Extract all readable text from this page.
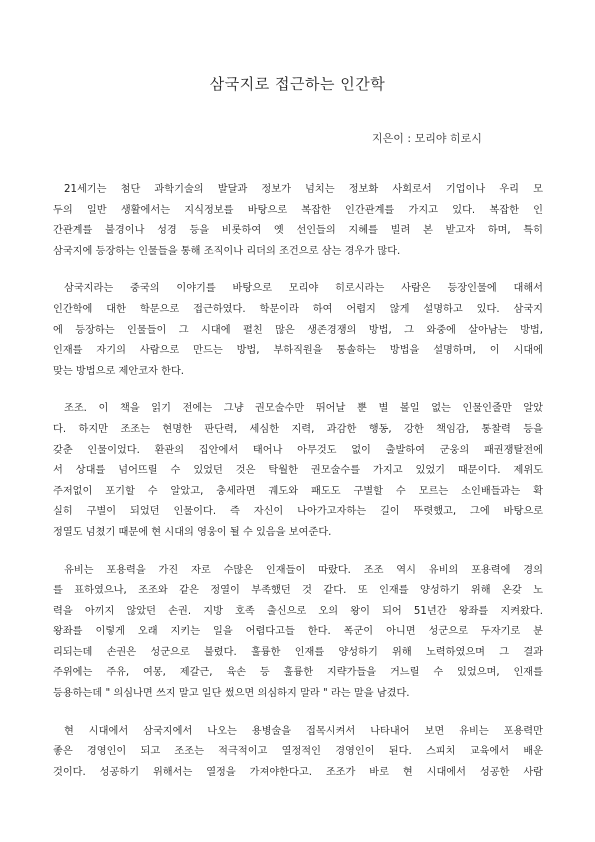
삼국지로 접근하는 인간학
지은이 : 모리야 히로시
21세기는 첨단 과학기술의 발달과 정보가 넘치는 정보화 사회로서 기업이나 우리 모
두의 일반 생활에서는 지식정보를 바탕으로 복잡한 인간관계를 가지고 있다. 복잡한 인
간관계를 불경이나 성경 등을 비롯하여 옛 선인들의 지혜를 빌려 본 받고자 하며, 특히
삼국지에 등장하는 인물들을 통해 조직이나 리더의 조건으로 삼는 경우가 많다.
삼국지라는 중국의 이야기를 바탕으로 모리야 히로시라는 사람은 등장인물에 대해서
인간학에 대한 학문으로 접근하였다. 학문이라 하여 어렵지 않게 설명하고 있다. 삼국지
에 등장하는 인물들이 그 시대에 펼친 많은 생존경쟁의 방법, 그 와중에 살아남는 방법,
인재를 자기의 사람으로 만드는 방법, 부하직원을 통솔하는 방법을 설명하며, 이 시대에
맞는 방법으로 제안코자 한다.
조조. 이 책을 읽기 전에는 그냥 권모술수만 뛰어날 뿐 별 볼일 없는 인물인줄만 알았
다. 하지만 조조는 현명한 판단력, 세심한 지력, 과감한 행동, 강한 책임감, 통찰력 등을
갖춘 인물이었다. 환관의 집안에서 태어나 아무것도 없이 출발하여 군웅의 패권쟁탈전에
서 상대를 넘어뜨릴 수 있었던 것은 탁월한 권모술수를 가지고 있었기 때문이다. 제위도
주저없이 포기할 수 알았고, 충세라면 궤도와 패도도 구별할 수 모르는 소인배들과는 확
실히 구별이 되었던 인물이다. 즉 자신이 나아가고자하는 길이 뚜렷했고, 그에 바탕으로
정열도 넘쳤기 때문에 현 시대의 영웅이 될 수 있음을 보여준다.
유비는 포용력을 가진 자로 수많은 인재들이 따랐다. 조조 역시 유비의 포용력에 경의
를 표하였으나, 조조와 같은 정열이 부족했던 것 같다. 또 인재를 양성하기 위해 온갖 노
력을 아끼지 않았던 손권. 지방 호족 출신으로 오의 왕이 되어 51년간 왕좌를 지켜왔다.
왕좌를 이렇게 오래 지키는 일을 어렵다고들 한다. 폭군이 아니면 성군으로 두자기로 분
리되는데 손권은 성군으로 불렸다. 훌륭한 인재를 양성하기 위해 노력하였으며 그 결과
주위에는 주유, 여몽, 제갈근, 육손 등 훌륭한 지략가들을 거느릴 수 있었으며, 인재를
등용하는데 " 의심나면 쓰지 말고 일단 썼으면 의심하지 말라 " 라는 말을 남겼다.
현 시대에서 삼국지에서 나오는 용병술을 접목시켜서 나타내어 보면 유비는 포용력만
좋은 경영인이 되고 조조는 적극적이고 열정적인 경영인이 된다. 스피치 교육에서 배운
것이다. 성공하기 위해서는 열정을 가져야한다고. 조조가 바로 현 시대에서 성공한 사람
